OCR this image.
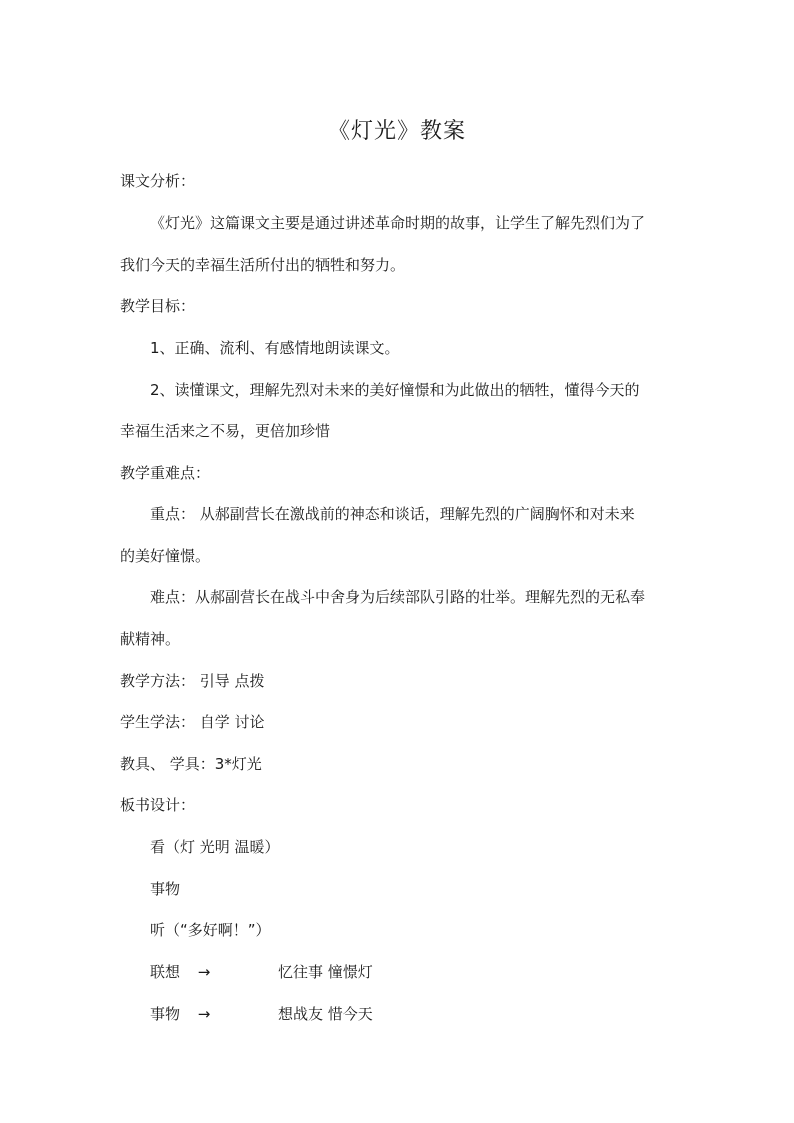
《灯光》教案
课文分析：
《灯光》这篇课文主要是通过讲述革命时期的故事，让学生了解先烈们为了
我们今天的幸福生活所付出的牺牲和努力。
教学目标：
1、正确、流利、有感情地朗读课文。
2、读懂课文，理解先烈对未来的美好憧憬和为此做出的牺牲，懂得今天的
幸福生活来之不易，更倍加珍惜
教学重难点：
重点： 从郝副营长在激战前的神态和谈话，理解先烈的广阔胸怀和对未来
的美好憧憬。
难点：从郝副营长在战斗中舍身为后续部队引路的壮举。理解先烈的无私奉
献精神。
教学方法： 引导 点拨
学生学法： 自学 讨论
教具、 学具：3*灯光
板书设计：
看（灯 光明 温暖）
事物
听（“多好啊！”）
联想 →	忆往事 憧憬灯
事物 →	想战友 惜今天
